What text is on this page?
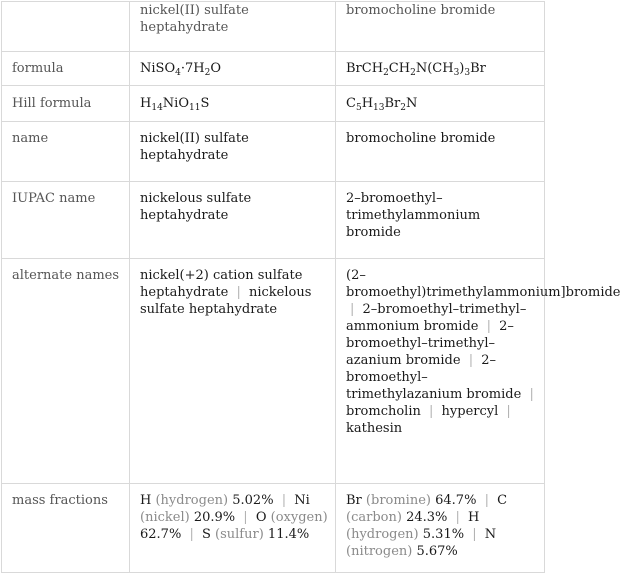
	nickel(II) sulfate heptahydrate	bromocholine bromide
formula	$NiSO_4\cdot 7H_2O$	$BrCH_2CH_2N(CH_3)_3Br$
Hill formula	$H_{14}NiO_{11}S$	$C_5H_{13}Br_2N$
name	nickel(II) sulfate heptahydrate	bromocholine bromide
IUPAC name	nickelous sulfate heptahydrate	2–bromoethyl–trimethylammonium bromide
alternate names	nickel(+2) cation sulfate heptahydrate | nickelous sulfate heptahydrate	(2–bromoethyl)trimethylammonium]bromide | 2–bromoethyl–trimethyl–ammonium bromide | 2–bromoethyl–trimethyl–azanium bromide | 2–bromoethyl–trimethylazanium bromide | bromcholin | hypercyl | kathesin
mass fractions	H (hydrogen) 5.02% | Ni (nickel) 20.9% | O (oxygen) 62.7% | S (sulfur) 11.4%	Br (bromine) 64.7% | C (carbon) 24.3% | H (hydrogen) 5.31% | N (nitrogen) 5.67%
